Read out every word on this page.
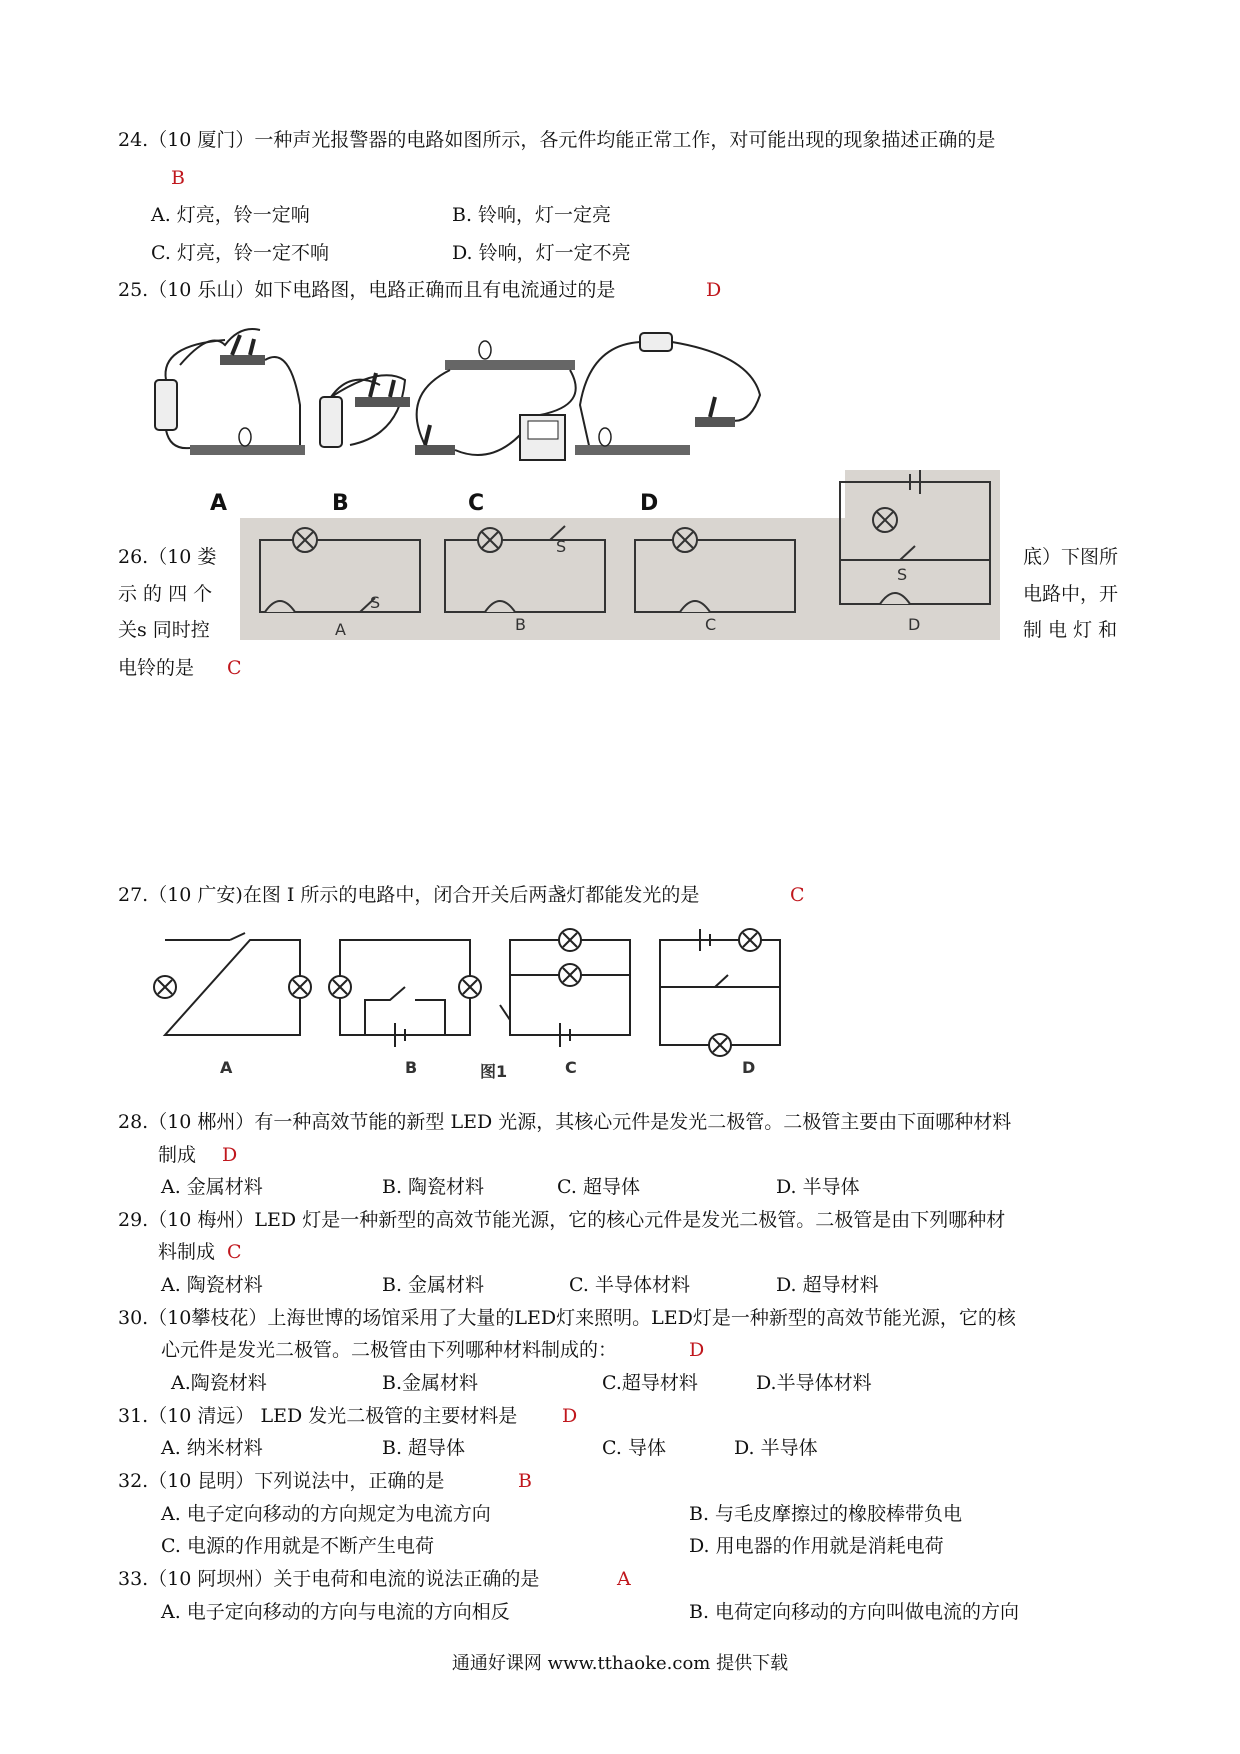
24.（10 厦门）一种声光报警器的电路如图所示，各元件均能正常工作，对可能出现的现象描述正确的是
B
A. 灯亮，铃一定响	B. 铃响，灯一定亮
C. 灯亮，铃一定不响	D. 铃响，灯一定不亮
25.（10 乐山）如下电路图，电路正确而且有电流通过的是	D
A	B	C	D
26.（10 娄	底）下图所
示 的 四 个	电路中，开
关s 同时控	制 电 灯 和
电铃的是 C
A	B	C	D
S
S
S
27.（10 广安)在图 I 所示的电路中，闭合开关后两盏灯都能发光的是	C
A	B	C	D
图1
28.（10 郴州）有一种高效节能的新型 LED 光源，其核心元件是发光二极管。二极管主要由下面哪种材料
制成 D
A. 金属材料	B. 陶瓷材料	C. 超导体	D. 半导体
29.（10 梅州）LED 灯是一种新型的高效节能光源，它的核心元件是发光二极管。二极管是由下列哪种材
料制成 C
A. 陶瓷材料	B. 金属材料	C. 半导体材料	D. 超导材料
30.（10攀枝花）上海世博的场馆采用了大量的LED灯来照明。LED灯是一种新型的高效节能光源，它的核
心元件是发光二极管。二极管由下列哪种材料制成的：	D
A.陶瓷材料	B.金属材料	C.超导材料	D.半导体材料
31.（10 清远） LED 发光二极管的主要材料是 D
A. 纳米材料	B. 超导体	C. 导体	D. 半导体
32.（10 昆明）下列说法中，正确的是	B
A. 电子定向移动的方向规定为电流方向	B. 与毛皮摩擦过的橡胶棒带负电
C. 电源的作用就是不断产生电荷	D. 用电器的作用就是消耗电荷
33.（10 阿坝州）关于电荷和电流的说法正确的是	A
A. 电子定向移动的方向与电流的方向相反	B. 电荷定向移动的方向叫做电流的方向
通通好课网 www.tthaoke.com 提供下载
